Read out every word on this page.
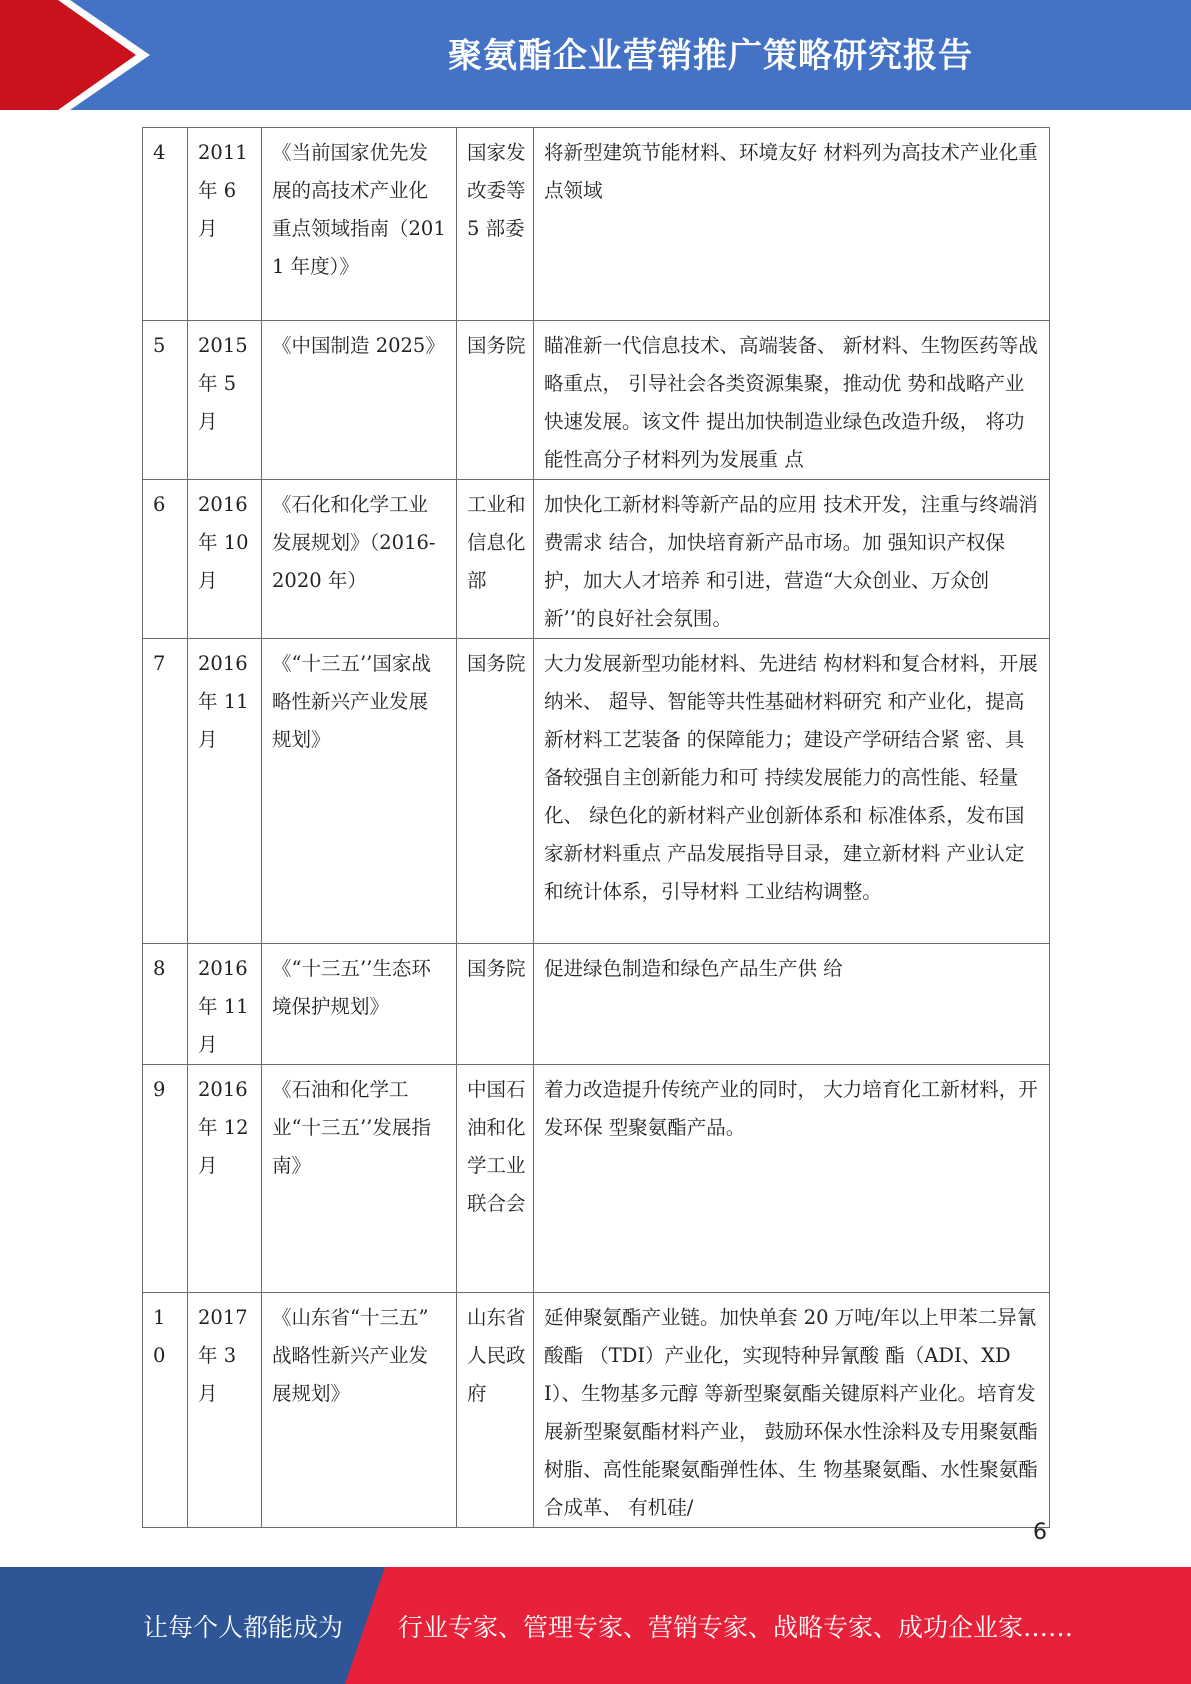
聚氨酯企业营销推广策略研究报告
4	2011 年 6 月	《当前国家优先发展的高技术产业化重点领域指南（2011 年度）》	国家发改委等 5 部委	将新型建筑节能材料、环境友好 材料列为高技术产业化重点领域
5	2015 年 5 月	《中国制造 2025》	国务院	瞄准新一代信息技术、高端装备、 新材料、生物医药等战略重点， 引导社会各类资源集聚，推动优 势和战略产业快速发展。该文件 提出加快制造业绿色改造升级， 将功能性高分子材料列为发展重 点
6	2016 年 10 月	《石化和化学工业发展规划》（2016-2020 年）	工业和信息化部	加快化工新材料等新产品的应用 技术开发，注重与终端消费需求 结合，加快培育新产品市场。加 强知识产权保护，加大人才培养 和引进，营造“大众创业、万众创 新’’的良好社会氛围。
7	2016 年 11 月	《“十三五’’国家战 略性新兴产业发展 规划》	国务院	大力发展新型功能材料、先进结 构材料和复合材料，开展纳米、 超导、智能等共性基础材料研究 和产业化，提高新材料工艺装备 的保障能力；建设产学研结合紧 密、具备较强自主创新能力和可 持续发展能力的高性能、轻量化、 绿色化的新材料产业创新体系和 标准体系，发布国家新材料重点 产品发展指导目录，建立新材料 产业认定和统计体系，引导材料 工业结构调整。
8	2016 年 11 月	《“十三五’’生态环 境保护规划》	国务院	促进绿色制造和绿色产品生产供 给
9	2016 年 12 月	《石油和化学工业“十三五’’发展指南》	中国石油和化学工业联合会	着力改造提升传统产业的同时， 大力培育化工新材料，开发环保 型聚氨酯产品。
10	2017 年 3 月	《山东省“十三五” 战略性新兴产业发 展规划》	山东省人民政府	延伸聚氨酯产业链。加快单套 20 万吨/年以上甲苯二异氰酸酯 （TDI）产业化，实现特种异氰酸 酯（ADI、XDI）、生物基多元醇 等新型聚氨酯关键原料产业化。培育发展新型聚氨酯材料产业， 鼓励环保水性涂料及专用聚氨酯 树脂、高性能聚氨酯弹性体、生 物基聚氨酯、水性聚氨酯合成革、 有机硅/
6
让每个人都能成为 行业专家、管理专家、营销专家、战略专家、成功企业家……
